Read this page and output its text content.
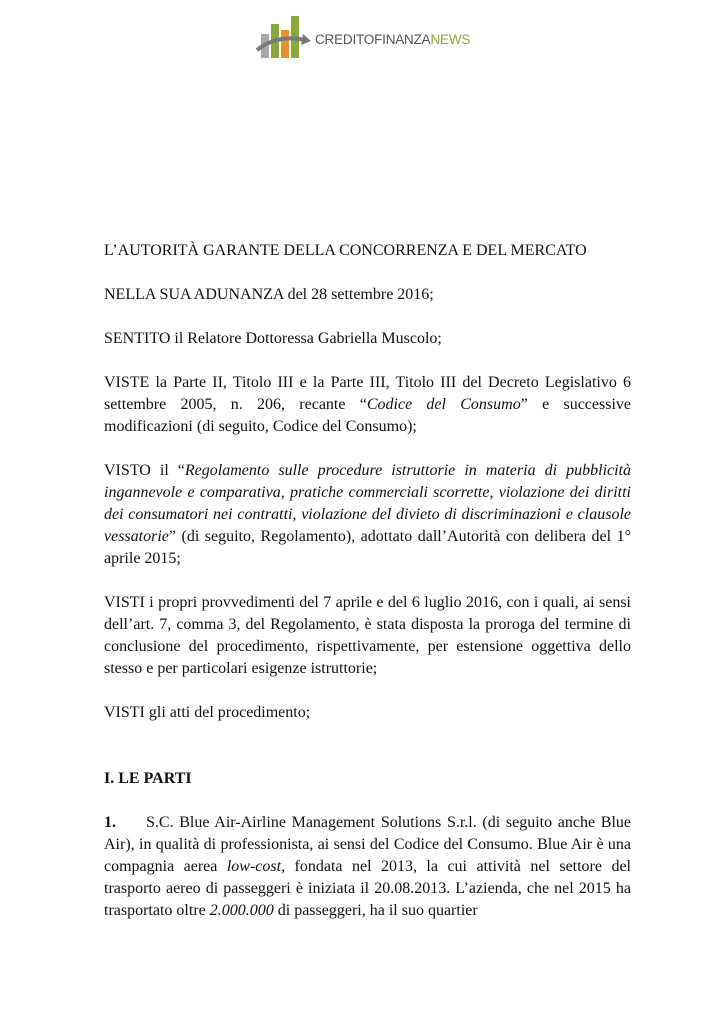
CREDITOFINANZANEWS

L’AUTORITÀ GARANTE DELLA CONCORRENZA E DEL MERCATO

NELLA SUA ADUNANZA del 28 settembre 2016;

SENTITO il Relatore Dottoressa Gabriella Muscolo;

VISTE la Parte II, Titolo III e la Parte III, Titolo III del Decreto Legislativo 6 settembre 2005, n. 206, recante “Codice del Consumo” e successive modificazioni (di seguito, Codice del Consumo);

VISTO il “Regolamento sulle procedure istruttorie in materia di pubblicità ingannevole e comparativa, pratiche commerciali scorrette, violazione dei diritti dei consumatori nei contratti, violazione del divieto di discriminazioni e clausole vessatorie” (di seguito, Regolamento), adottato dall’Autorità con delibera del 1° aprile 2015;

VISTI i propri provvedimenti del 7 aprile e del 6 luglio 2016, con i quali, ai sensi dell’art. 7, comma 3, del Regolamento, è stata disposta la proroga del termine di conclusione del procedimento, rispettivamente, per estensione oggettiva dello stesso e per particolari esigenze istruttorie;

VISTI gli atti del procedimento;

I. LE PARTI

1. S.C. Blue Air-Airline Management Solutions S.r.l. (di seguito anche Blue Air), in qualità di professionista, ai sensi del Codice del Consumo. Blue Air è una compagnia aerea low-cost, fondata nel 2013, la cui attività nel settore del trasporto aereo di passeggeri è iniziata il 20.08.2013. L’azienda, che nel 2015 ha trasportato oltre 2.000.000 di passeggeri, ha il suo quartier
